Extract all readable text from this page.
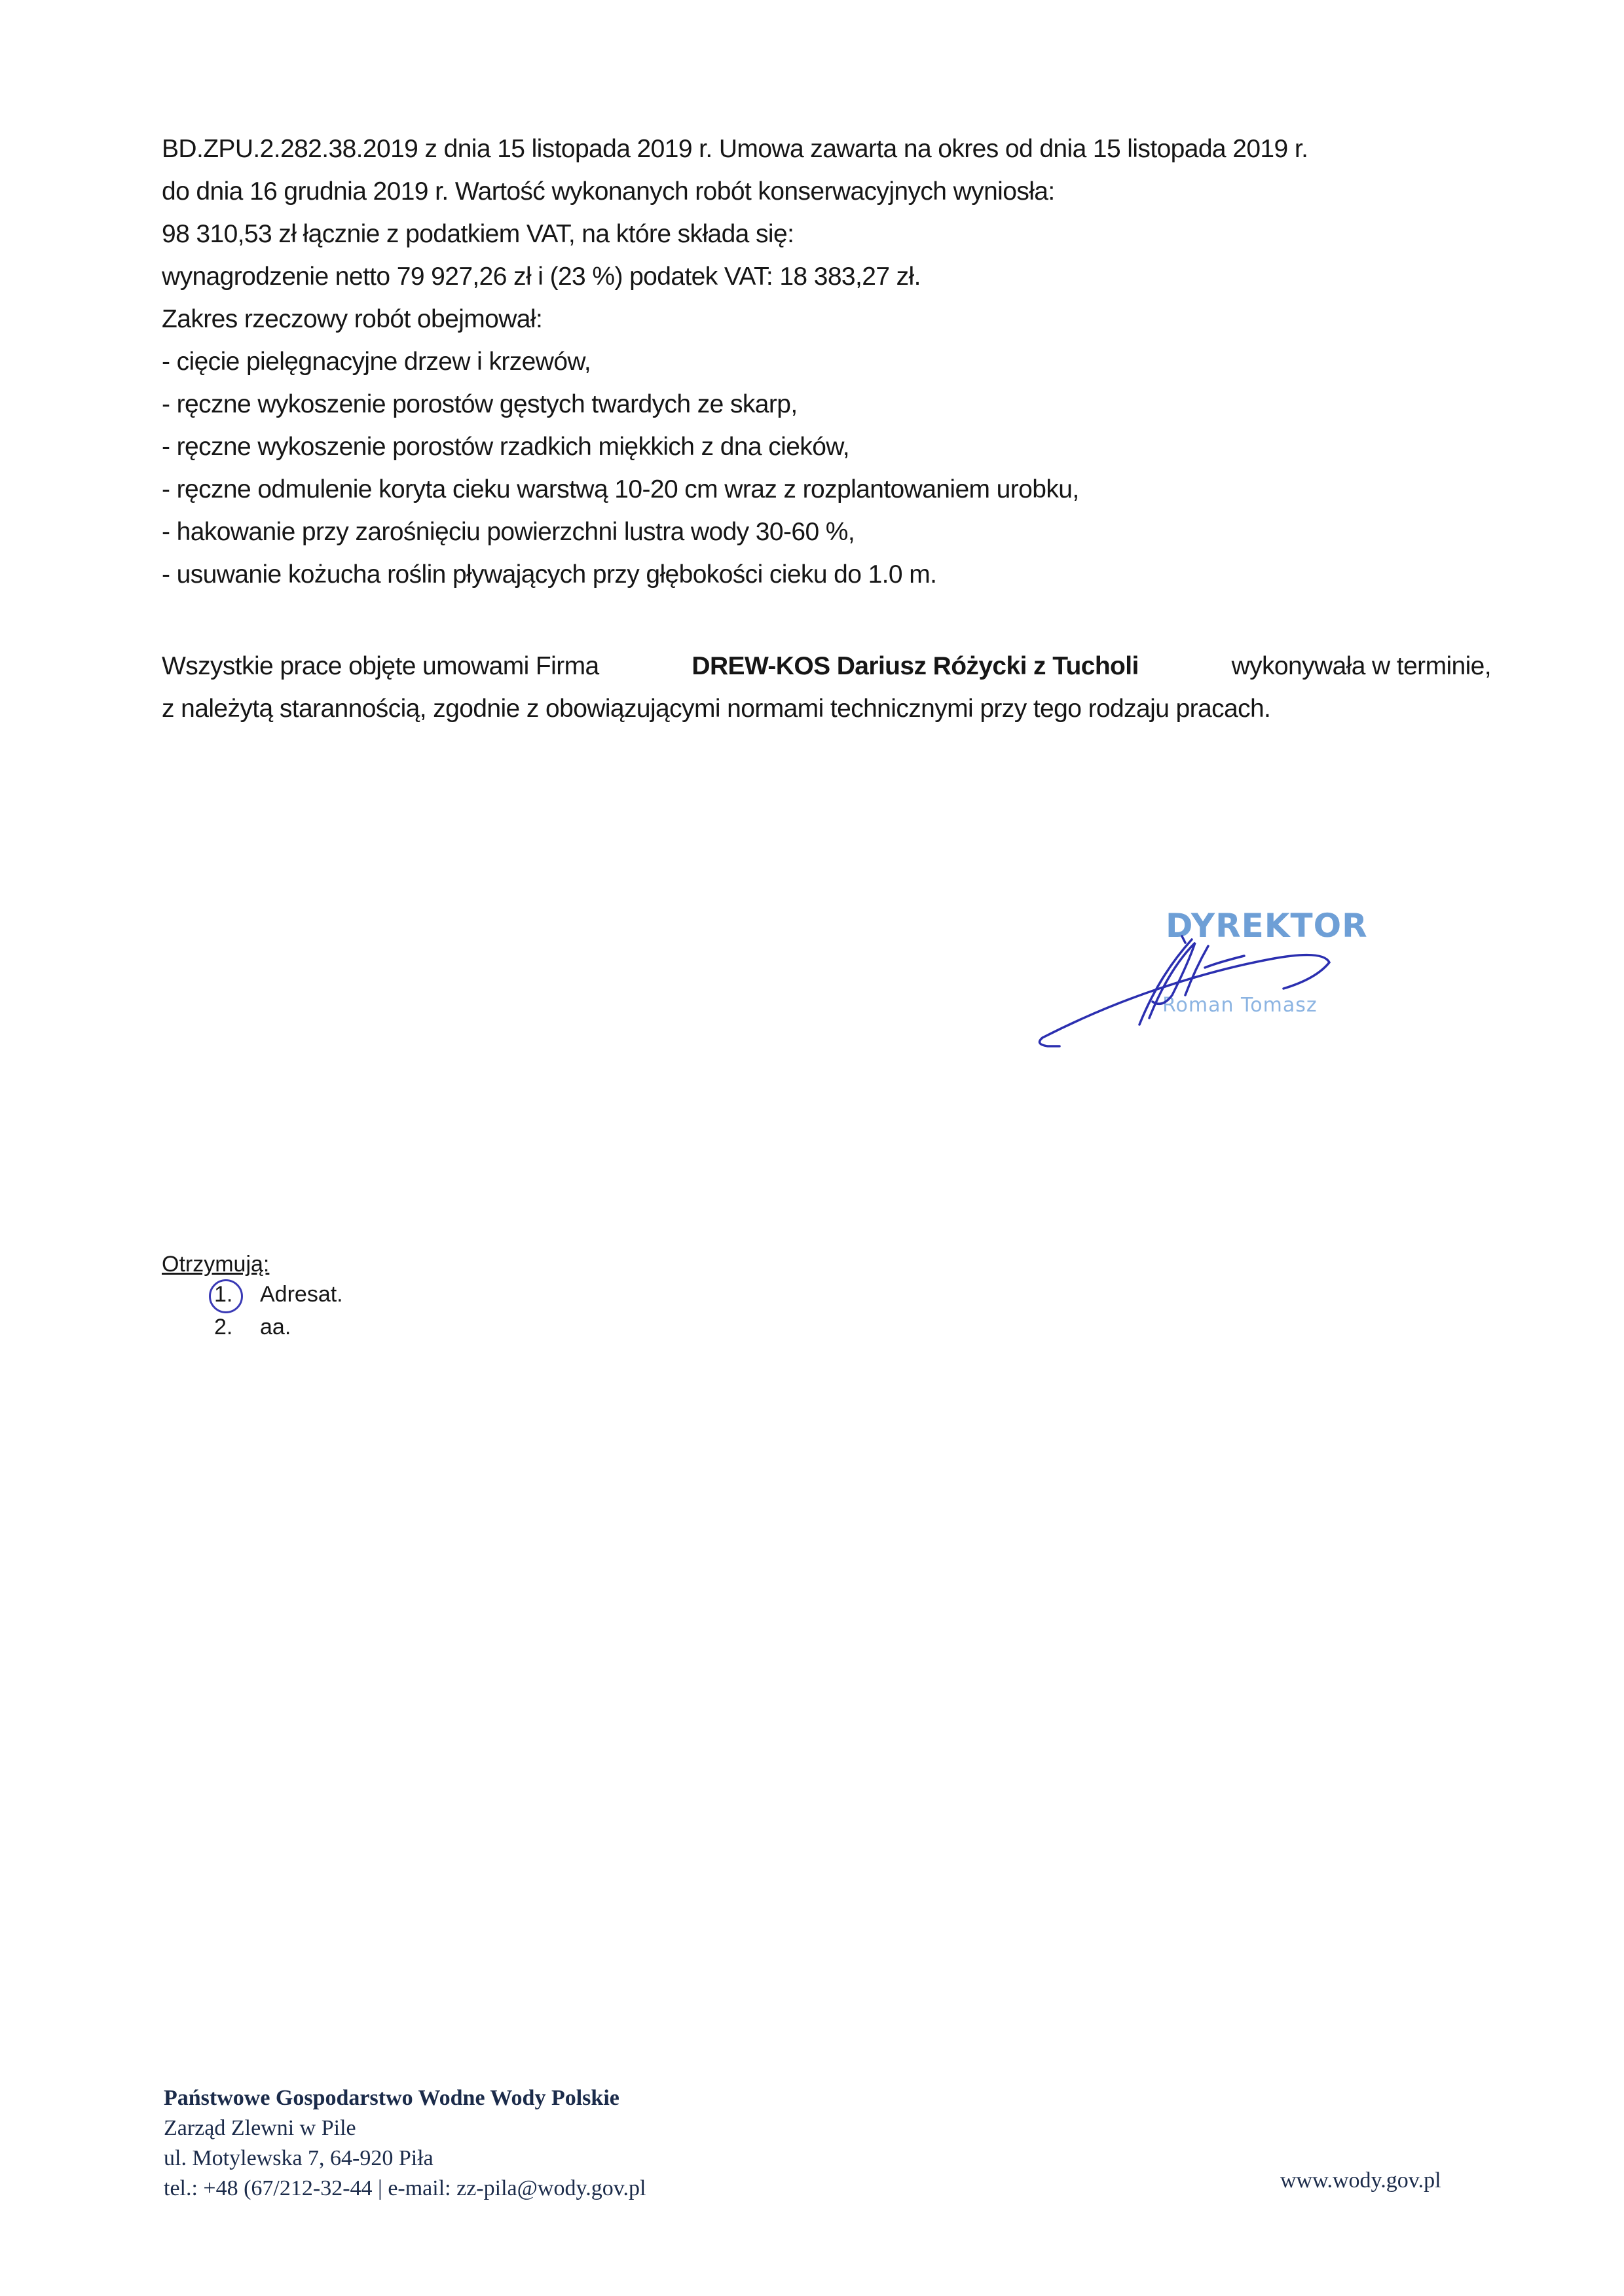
BD.ZPU.2.282.38.2019 z dnia 15 listopada 2019 r. Umowa zawarta na okres od dnia 15 listopada 2019 r.
do dnia 16 grudnia 2019 r. Wartość wykonanych robót konserwacyjnych wyniosła:
98 310,53 zł łącznie z podatkiem VAT, na które składa się:
wynagrodzenie netto 79 927,26 zł i (23 %) podatek VAT: 18 383,27 zł.
Zakres rzeczowy robót obejmował:
- cięcie pielęgnacyjne drzew i krzewów,
- ręczne wykoszenie porostów gęstych twardych ze skarp,
- ręczne wykoszenie porostów rzadkich miękkich z dna cieków,
- ręczne odmulenie koryta cieku warstwą 10-20 cm wraz z rozplantowaniem urobku,
- hakowanie przy zarośnięciu powierzchni lustra wody 30-60 %,
- usuwanie kożucha roślin pływających przy głębokości cieku do 1.0 m.
Wszystkie prace objęte umowami Firma	DREW-KOS Dariusz Różycki z Tucholi	wykonywała w terminie,
z należytą starannością, zgodnie z obowiązującymi normami technicznymi przy tego rodzaju pracach.
DYREKTOR
Roman Tomasz
Otrzymują:
1. Adresat.
2. aa.
Państwowe Gospodarstwo Wodne Wody Polskie
Zarząd Zlewni w Pile
ul. Motylewska 7, 64-920 Piła
tel.: +48 (67/212-32-44 | e-mail: zz-pila@wody.gov.pl	www.wody.gov.pl
